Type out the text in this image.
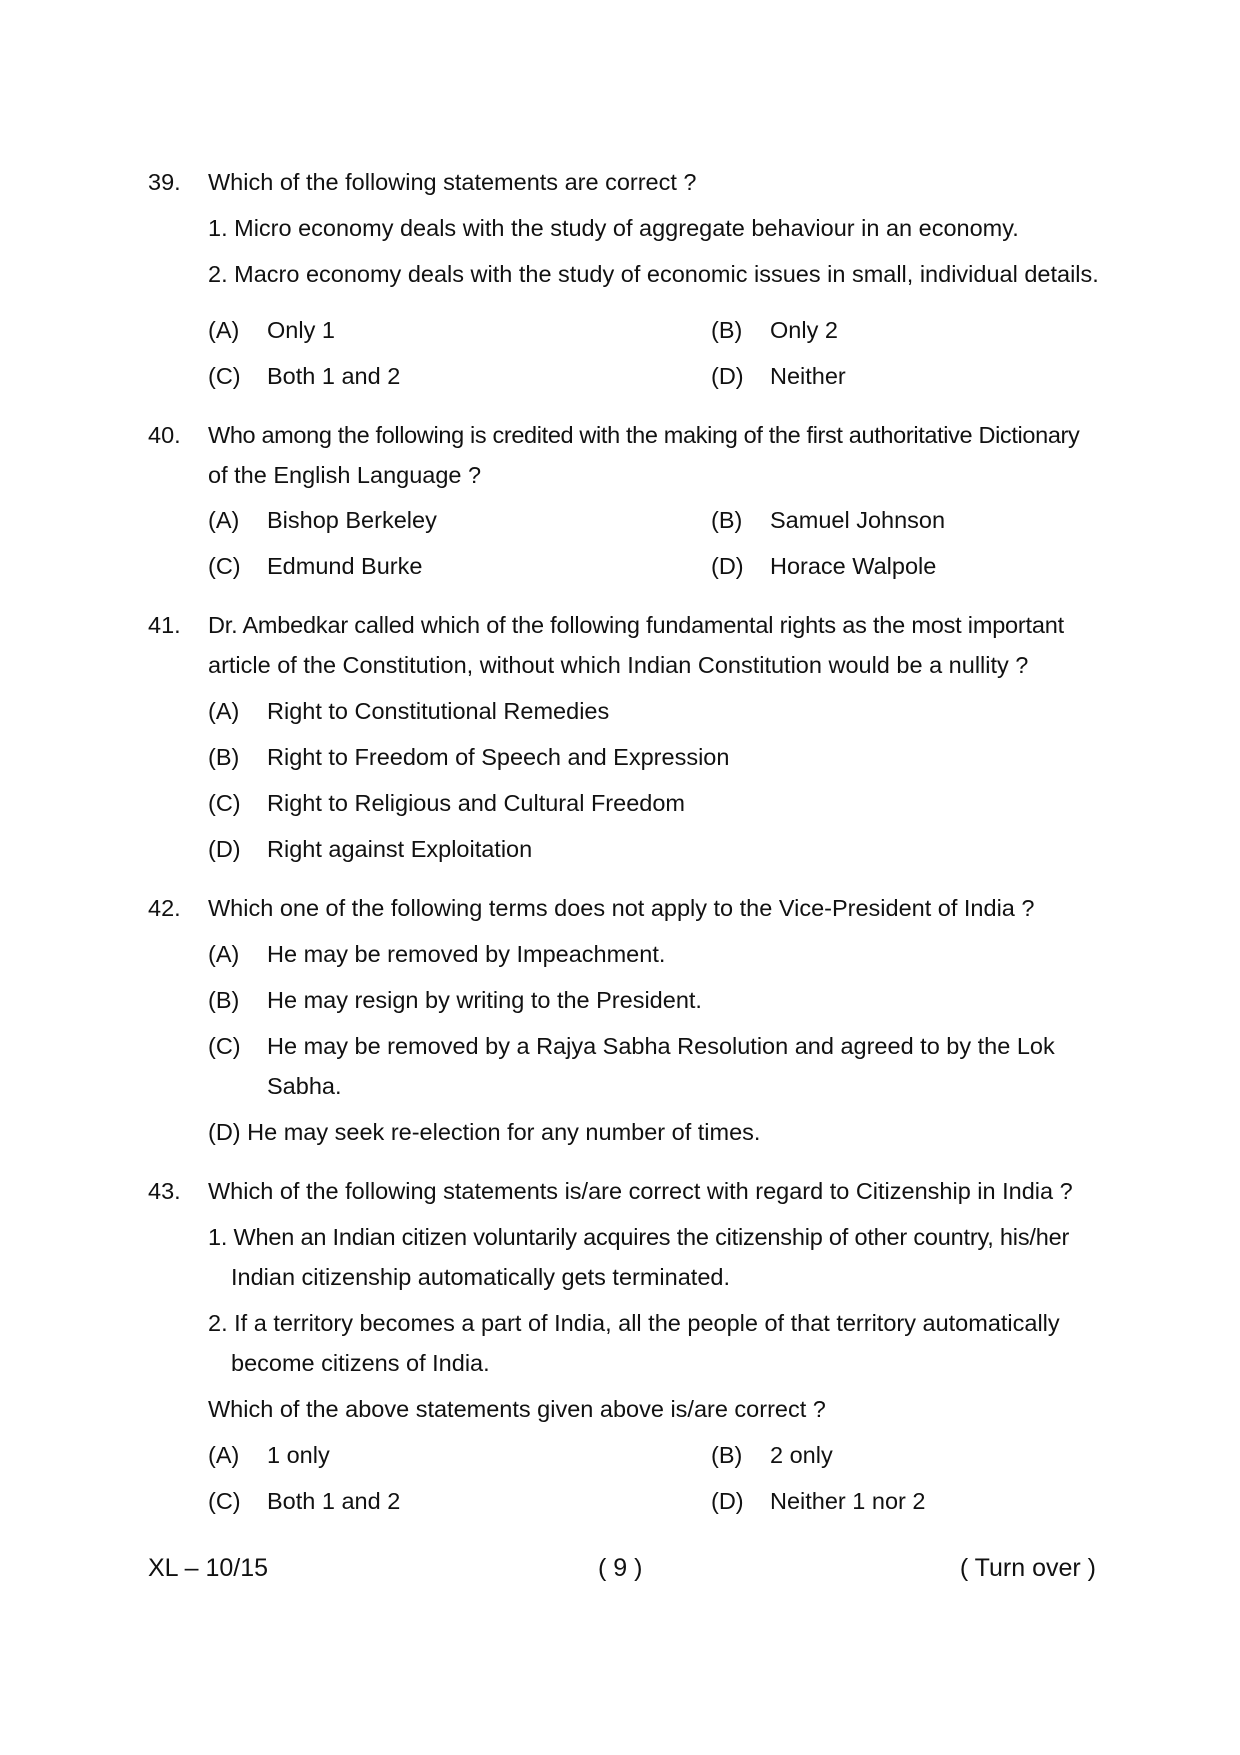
39. Which of the following statements are correct ?
1. Micro economy deals with the study of aggregate behaviour in an economy.
2. Macro economy deals with the study of economic issues in small, individual details.
(A) Only 1	(B) Only 2
(C) Both 1 and 2	(D) Neither
40. Who among the following is credited with the making of the first authoritative Dictionary
of the English Language ?
(A) Bishop Berkeley	(B) Samuel Johnson
(C) Edmund Burke	(D) Horace Walpole
41. Dr. Ambedkar called which of the following fundamental rights as the most important
article of the Constitution, without which Indian Constitution would be a nullity ?
(A) Right to Constitutional Remedies
(B) Right to Freedom of Speech and Expression
(C) Right to Religious and Cultural Freedom
(D) Right against Exploitation
42. Which one of the following terms does not apply to the Vice-President of India ?
(A) He may be removed by Impeachment.
(B) He may resign by writing to the President.
(C) He may be removed by a Rajya Sabha Resolution and agreed to by the Lok
Sabha.
(D) He may seek re-election for any number of times.
43. Which of the following statements is/are correct with regard to Citizenship in India ?
1. When an Indian citizen voluntarily acquires the citizenship of other country, his/her
Indian citizenship automatically gets terminated.
2. If a territory becomes a part of India, all the people of that territory automatically
become citizens of India.
Which of the above statements given above is/are correct ?
(A) 1 only	(B) 2 only
(C) Both 1 and 2	(D) Neither 1 nor 2
XL – 10/15	( 9 )	( Turn over )
